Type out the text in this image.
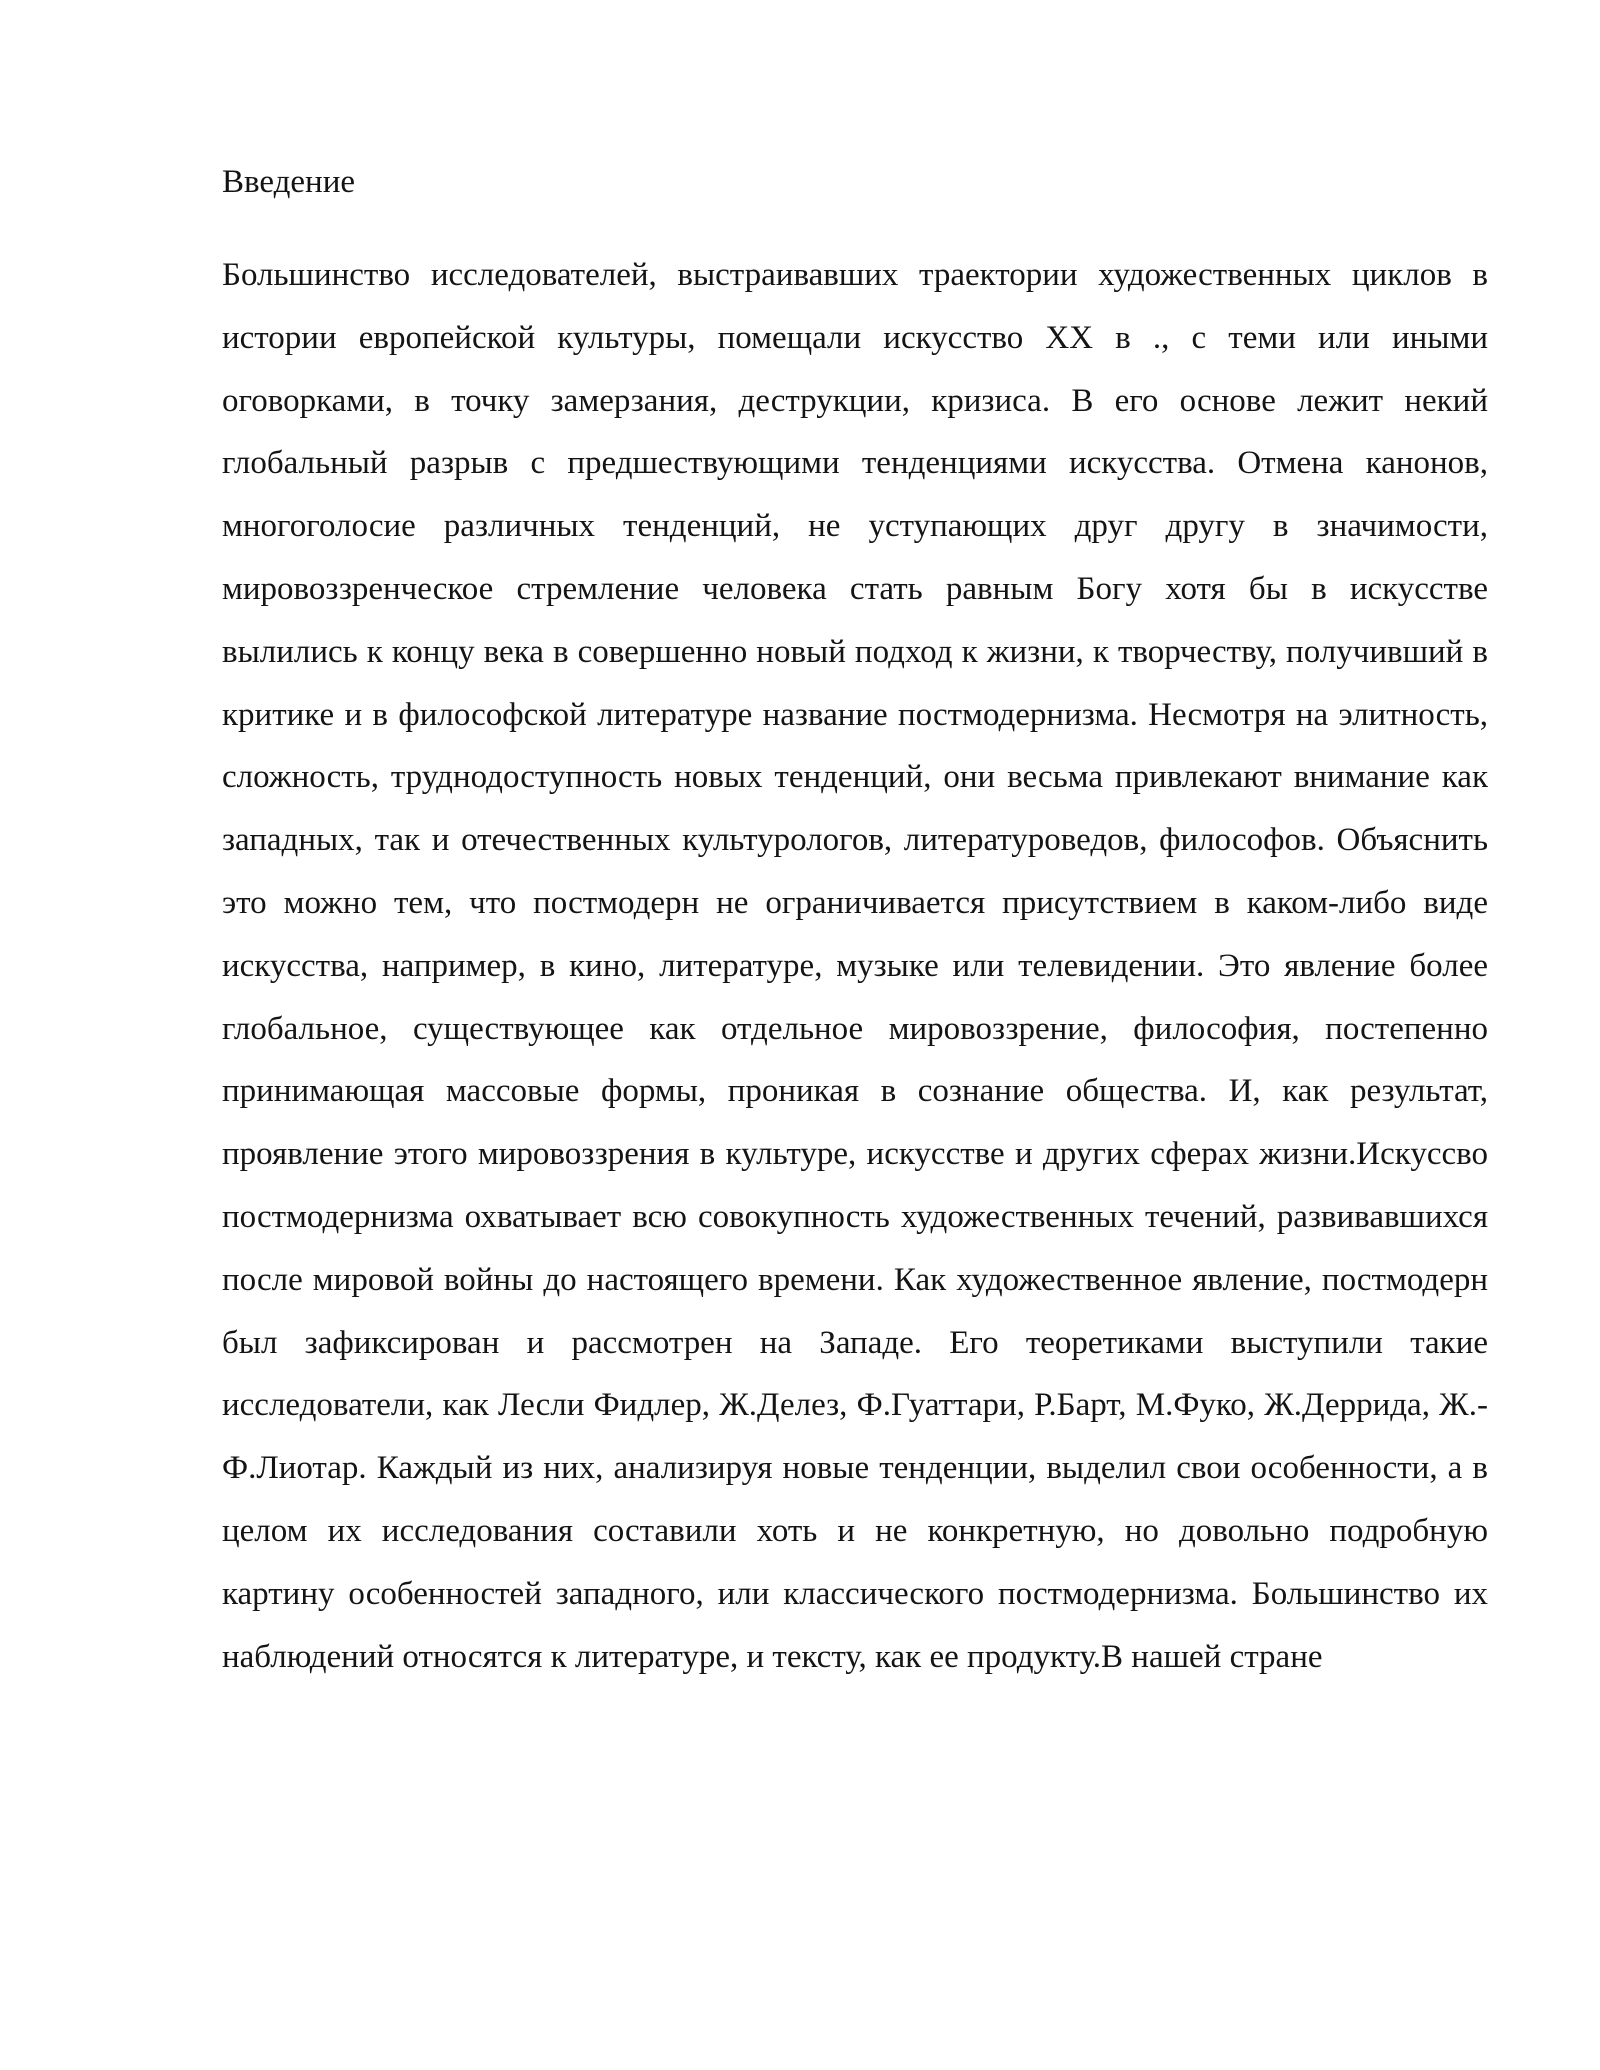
Введение

Большинство исследователей, выстраивавших траектории художественных циклов в истории европейской культуры, помещали искусство XX в ., с теми или иными оговорками, в точку замерзания, деструкции, кризиса. В его основе лежит некий глобальный разрыв с предшествующими тенденциями искусства. Отмена канонов, многоголосие различных тенденций, не уступающих друг другу в значимости, мировоззренческое стремление человека стать равным Богу хотя бы в искусстве вылились к концу века в совершенно новый подход к жизни, к творчеству, получивший в критике и в философской литературе название постмодернизма. Несмотря на элитность, сложность, труднодоступность новых тенденций, они весьма привлекают внимание как западных, так и отечественных культурологов, литературоведов, философов. Объяснить это можно тем, что постмодерн не ограничивается присутствием в каком-либо виде искусства, например, в кино, литературе, музыке или телевидении. Это явление более глобальное, существующее как отдельное мировоззрение, философия, постепенно принимающая массовые формы, проникая в сознание общества. И, как результат, проявление этого мировоззрения в культуре, искусстве и других сферах жизни.Искуссво постмодернизма охватывает всю совокупность художественных течений, развивавшихся после мировой войны до настоящего времени. Как художественное явление, постмодерн был зафиксирован и рассмотрен на Западе. Его теоретиками выступили такие исследователи, как Лесли Фидлер, Ж.Делез, Ф.Гуаттари, Р.Барт, М.Фуко, Ж.Деррида, Ж.-Ф.Лиотар. Каждый из них, анализируя новые тенденции, выделил свои особенности, а в целом их исследования составили хоть и не конкретную, но довольно подробную картину особенностей западного, или классического постмодернизма. Большинство их наблюдений относятся к литературе, и тексту, как ее продукту.В нашей стране
